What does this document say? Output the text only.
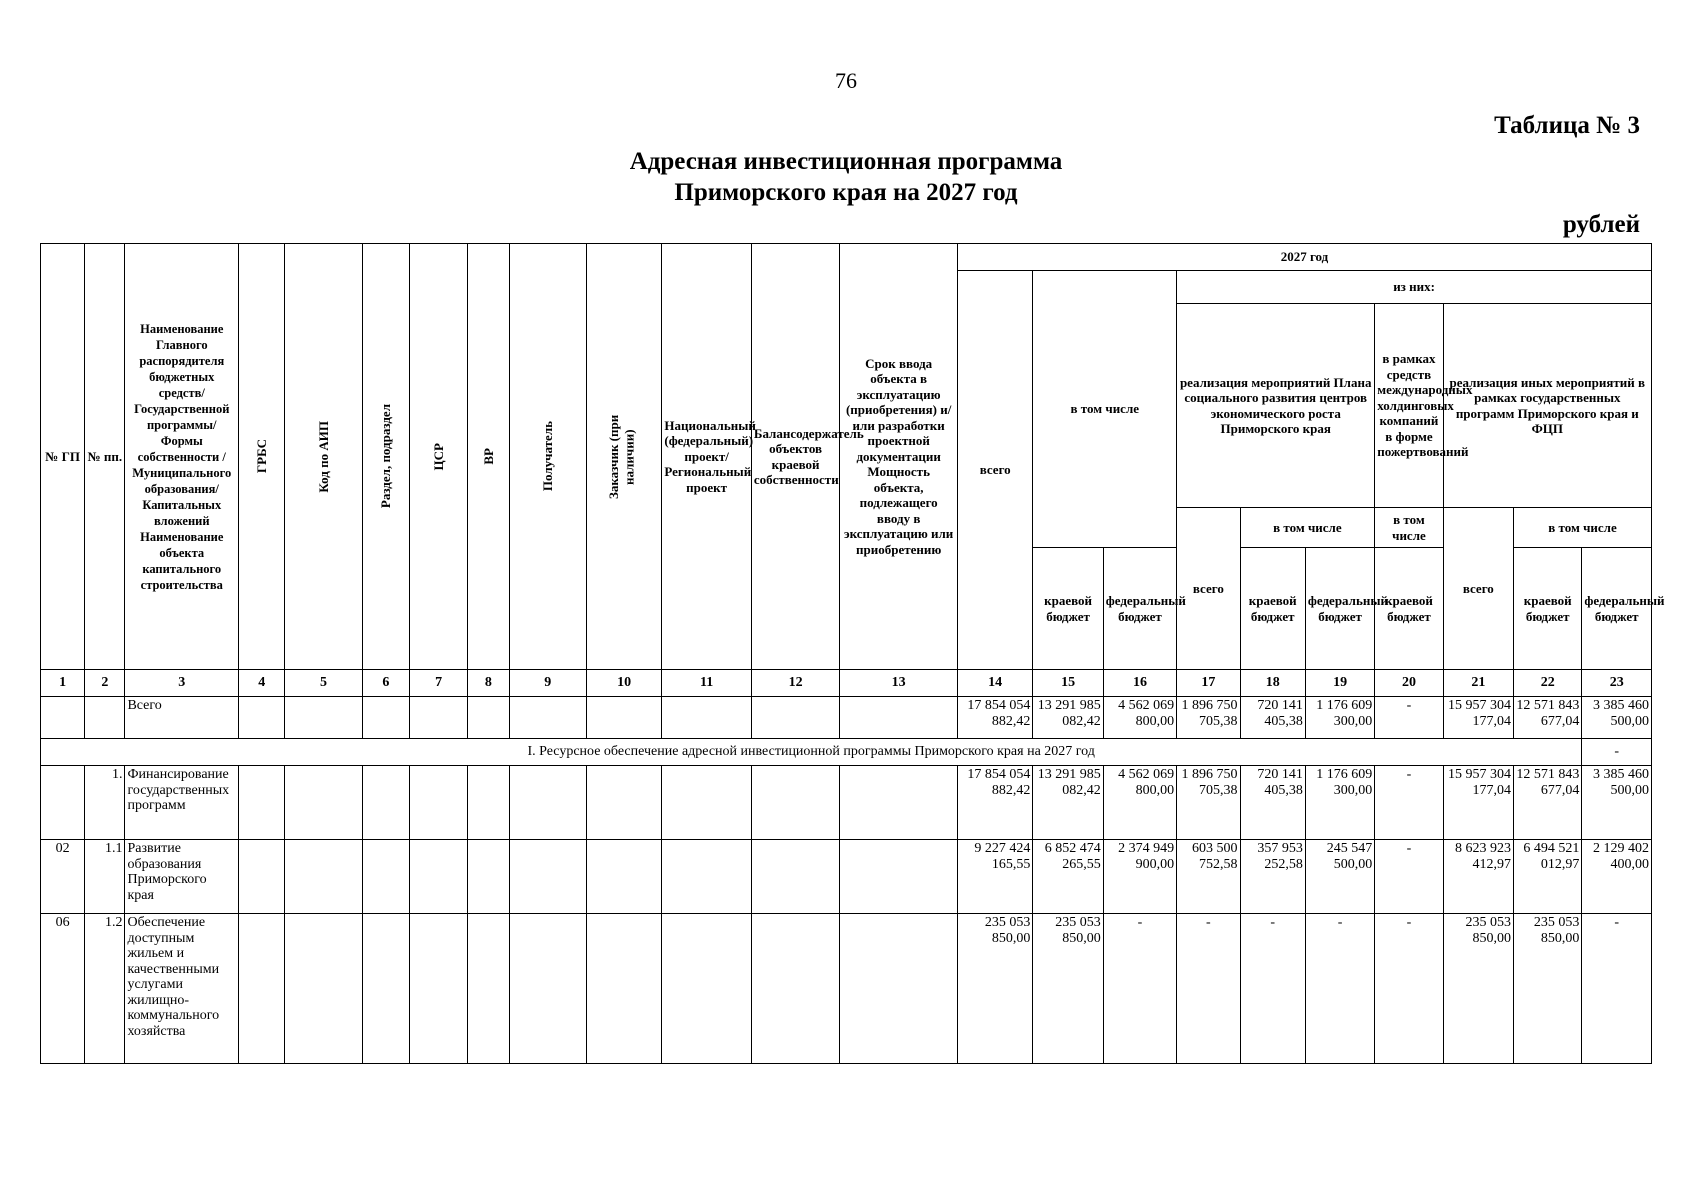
76
Таблица № 3
Адресная инвестиционная программа
Приморского края на 2027 год
рублей
№ ГП	№ пп.	Наименование Главного распорядителя бюджетных средств/Государственной программы/ Формы собственности /Муниципального образования/Капитальных вложений Наименование объекта капитального строительства	ГРБС	Код по АИП	Раздел, подраздел	ЦСР	ВР	Получатель	Заказчик (при наличии)	Национальный (федеральный) проект/ Региональный проект	Балансодержатель объектов краевой собственности	Срок ввода объекта в эксплуатацию (приобретения) и/или разработки проектной документации Мощность объекта, подлежащего вводу в эксплуатацию или приобретению	2027 год									
													всего	в том числе		из них:						
																реализация мероприятий Плана социального развития центров экономического роста Приморского края			в рамках средств международных холдинговых компаний в форме пожертвований	реализация иных мероприятий в рамках государственных программ Приморского края и ФЦП		
																всего	в том числе		в том числе	всего	в том числе	
														краевой бюджет	федеральный бюджет		краевой бюджет	федеральный бюджет	краевой бюджет		краевой бюджет	федеральный бюджет
1	2	3	4	5	6	7	8	9	10	11	12	13	14	15	16	17	18	19	20	21	22	23
		Всего											17 854 054 882,42	13 291 985 082,42	4 562 069 800,00	1 896 750 705,38	720 141 405,38	1 176 609 300,00	-	15 957 304 177,04	12 571 843 677,04	3 385 460 500,00
I. Ресурсное обеспечение адресной инвестиционной программы Приморского края на 2027 год																						-
	1.	Финансирование государственных программ											17 854 054 882,42	13 291 985 082,42	4 562 069 800,00	1 896 750 705,38	720 141 405,38	1 176 609 300,00	-	15 957 304 177,04	12 571 843 677,04	3 385 460 500,00
02	1.1	Развитие образования Приморского края											9 227 424 165,55	6 852 474 265,55	2 374 949 900,00	603 500 752,58	357 953 252,58	245 547 500,00	-	8 623 923 412,97	6 494 521 012,97	2 129 402 400,00
06	1.2	Обеспечение доступным жильем и качественными услугами жилищно-коммунального хозяйства											235 053 850,00	235 053 850,00	-	-	-	-	-	235 053 850,00	235 053 850,00	-
